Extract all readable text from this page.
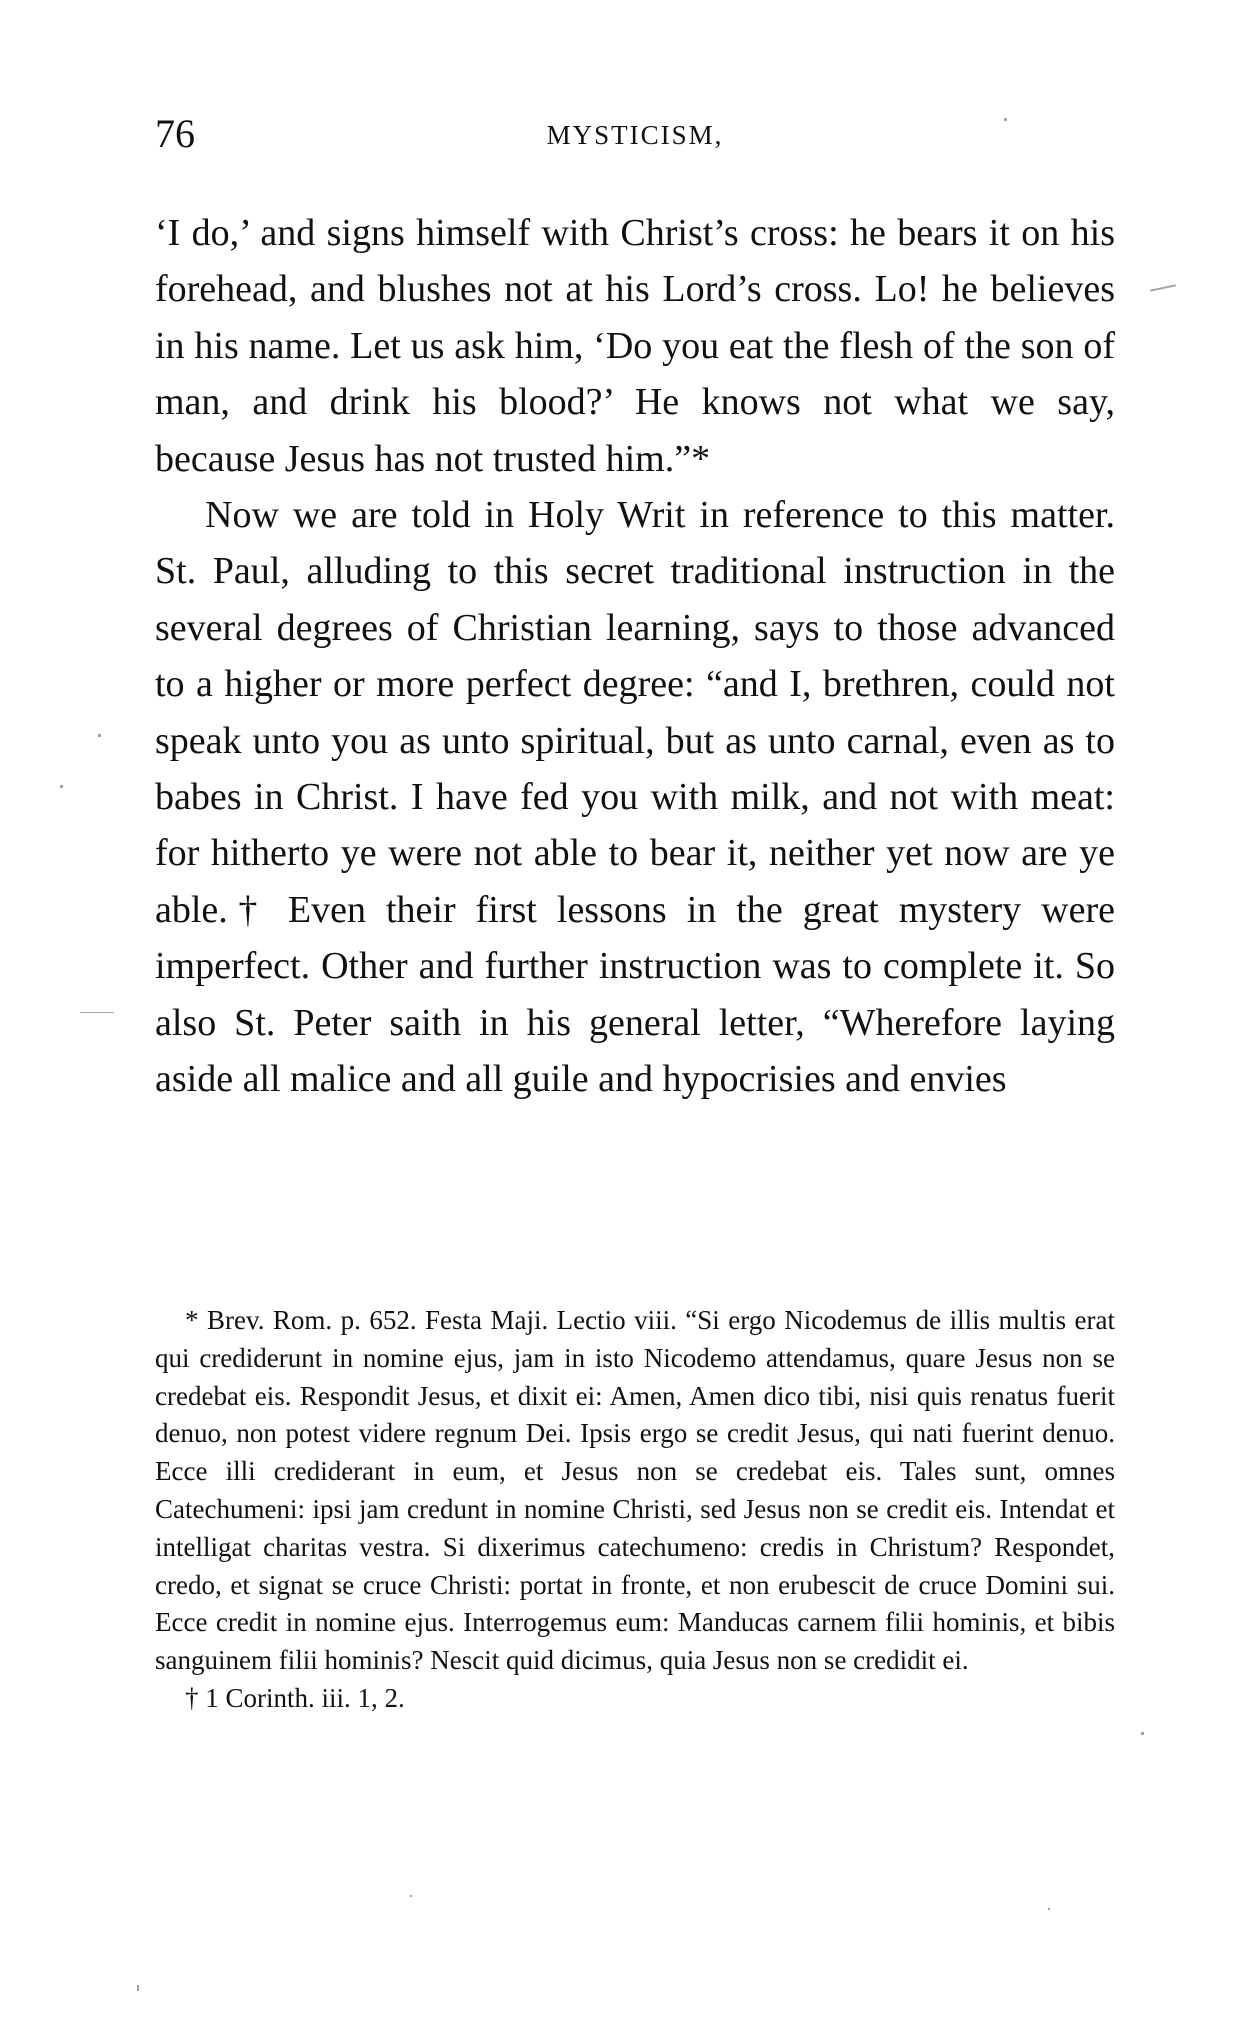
76	MYSTICISM,

‘I do,’ and signs himself with Christ’s cross: he bears it on his forehead, and blushes not at his Lord’s cross. Lo! he believes in his name. Let us ask him, ‘Do you eat the flesh of the son of man, and drink his blood?’ He knows not what we say, because Jesus has not trusted him.”*

Now we are told in Holy Writ in reference to this matter. St. Paul, alluding to this secret traditional instruction in the several degrees of Christian learning, says to those advanced to a higher or more perfect degree: “and I, brethren, could not speak unto you as unto spiritual, but as unto carnal, even as to babes in Christ. I have fed you with milk, and not with meat: for hitherto ye were not able to bear it, neither yet now are ye able.† Even their first lessons in the great mystery were imperfect. Other and further instruction was to complete it. So also St. Peter saith in his general letter, “Wherefore laying aside all malice and all guile and hypocrisies and envies

* Brev. Rom. p. 652. Festa Maji. Lectio viii. “Si ergo Nicodemus de illis multis erat qui crediderunt in nomine ejus, jam in isto Nicodemo attendamus, quare Jesus non se credebat eis. Respondit Jesus, et dixit ei: Amen, Amen dico tibi, nisi quis renatus fuerit denuo, non potest videre regnum Dei. Ipsis ergo se credit Jesus, qui nati fuerint denuo. Ecce illi crediderant in eum, et Jesus non se credebat eis. Tales sunt, omnes Catechumeni: ipsi jam credunt in nomine Christi, sed Jesus non se credit eis. Intendat et intelligat charitas vestra. Si dixerimus catechumeno: credis in Christum? Respondet, credo, et signat se cruce Christi: portat in fronte, et non erubescit de cruce Domini sui. Ecce credit in nomine ejus. Interrogemus eum: Manducas carnem filii hominis, et bibis sanguinem filii hominis? Nescit quid dicimus, quia Jesus non se credidit ei.

† 1 Corinth. iii. 1, 2.
